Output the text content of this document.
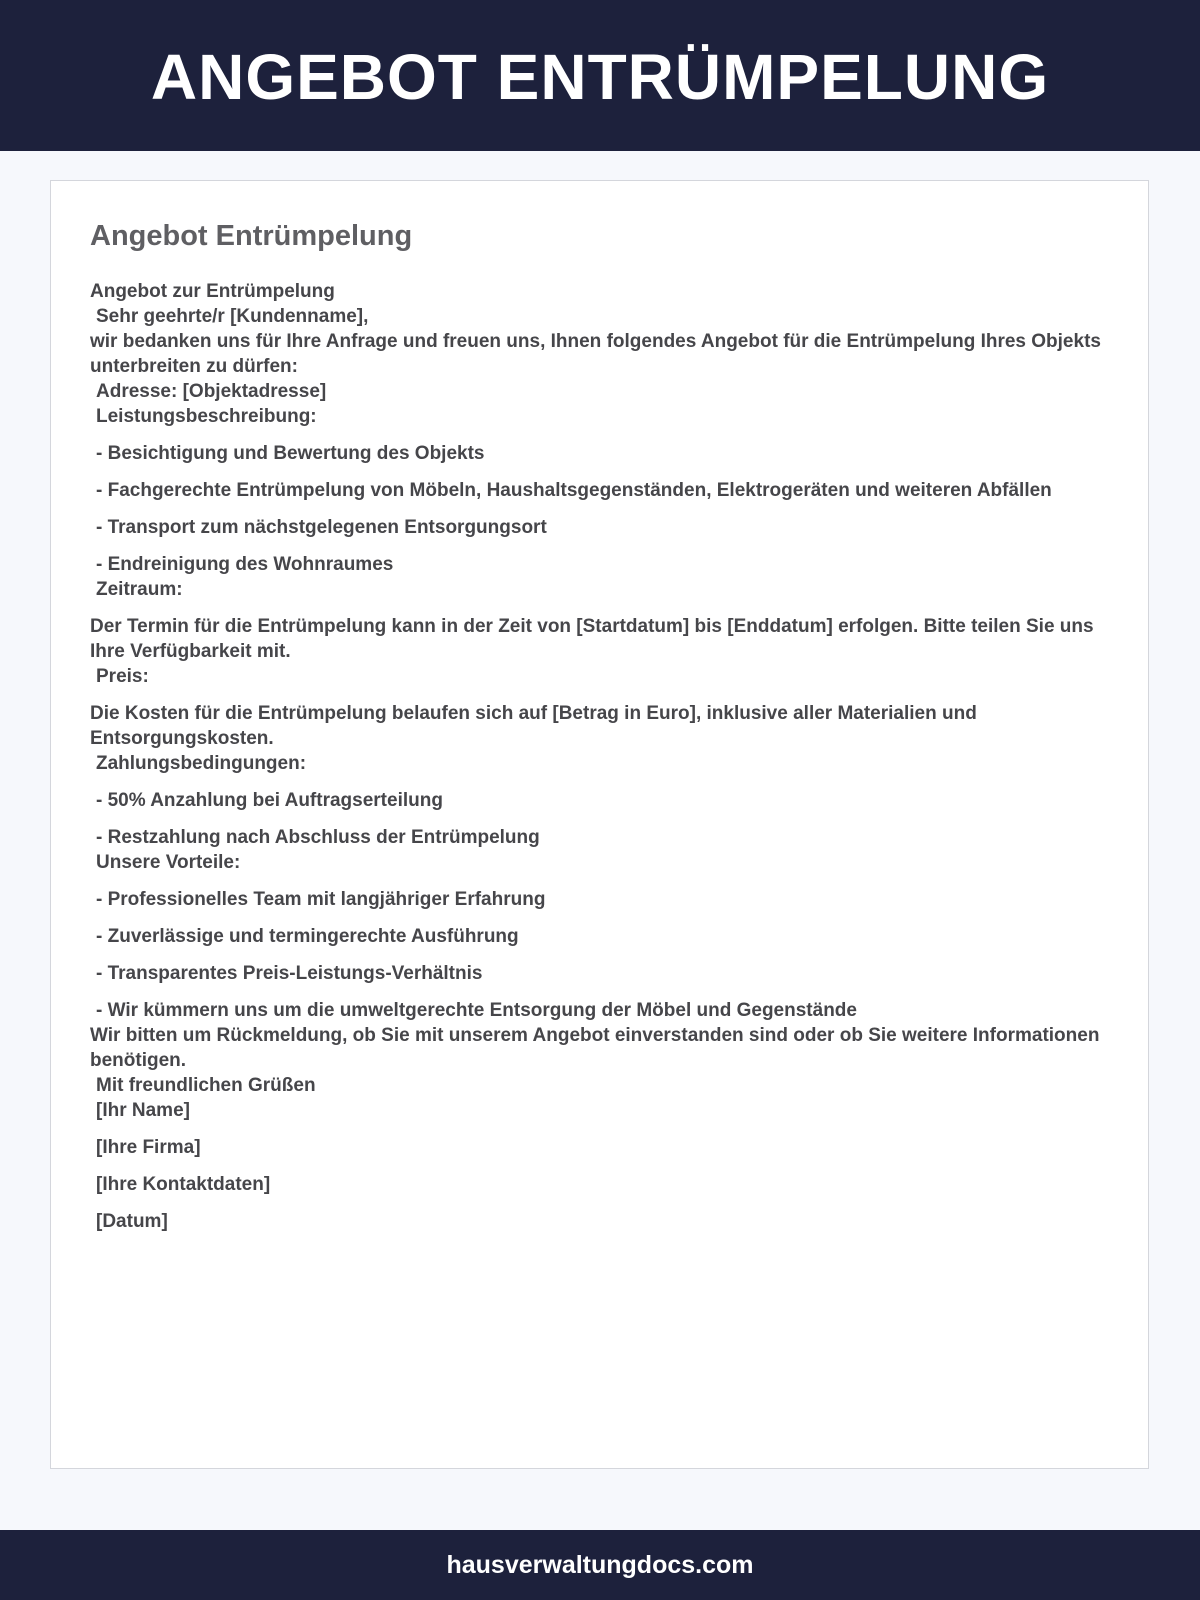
ANGEBOT ENTRÜMPELUNG
Angebot Entrümpelung
Angebot zur Entrümpelung
Sehr geehrte/r [Kundenname],
wir bedanken uns für Ihre Anfrage und freuen uns, Ihnen folgendes Angebot für die Entrümpelung Ihres Objekts unterbreiten zu dürfen:
Adresse: [Objektadresse]
Leistungsbeschreibung:
- Besichtigung und Bewertung des Objekts
- Fachgerechte Entrümpelung von Möbeln, Haushaltsgegenständen, Elektrogeräten und weiteren Abfällen
- Transport zum nächstgelegenen Entsorgungsort
- Endreinigung des Wohnraumes
Zeitraum:
Der Termin für die Entrümpelung kann in der Zeit von [Startdatum] bis [Enddatum] erfolgen. Bitte teilen Sie uns Ihre Verfügbarkeit mit.
Preis:
Die Kosten für die Entrümpelung belaufen sich auf [Betrag in Euro], inklusive aller Materialien und Entsorgungskosten.
Zahlungsbedingungen:
- 50% Anzahlung bei Auftragserteilung
- Restzahlung nach Abschluss der Entrümpelung
Unsere Vorteile:
- Professionelles Team mit langjähriger Erfahrung
- Zuverlässige und termingerechte Ausführung
- Transparentes Preis-Leistungs-Verhältnis
- Wir kümmern uns um die umweltgerechte Entsorgung der Möbel und Gegenstände
Wir bitten um Rückmeldung, ob Sie mit unserem Angebot einverstanden sind oder ob Sie weitere Informationen benötigen.
Mit freundlichen Grüßen
[Ihr Name]
[Ihre Firma]
[Ihre Kontaktdaten]
[Datum]
hausverwaltungdocs.com
